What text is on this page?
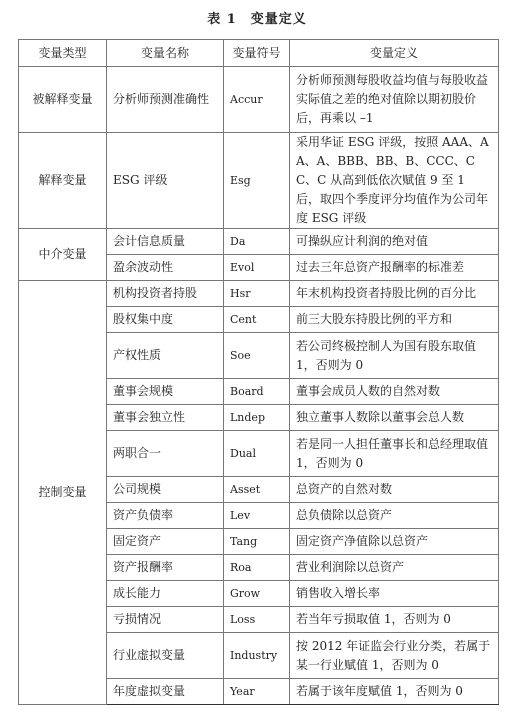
表 1　变量定义
变量类型	变量名称	变量符号	变量定义
被解释变量	分析师预测准确性	Accur	分析师预测每股收益均值与每股收益实际值之差的绝对值除以期初股价后，再乘以 –1
解释变量	ESG 评级	Esg	采用华证 ESG 评级，按照 AAA、AA、A、BBB、BB、B、CCC、CC、C 从高到低依次赋值 9 至 1 后，取四个季度评分均值作为公司年度 ESG 评级
中介变量	会计信息质量	Da	可操纵应计利润的绝对值
	盈余波动性	Evol	过去三年总资产报酬率的标准差
控制变量	机构投资者持股	Hsr	年末机构投资者持股比例的百分比
	股权集中度	Cent	前三大股东持股比例的平方和
	产权性质	Soe	若公司终极控制人为国有股东取值 1，否则为 0
	董事会规模	Board	董事会成员人数的自然对数
	董事会独立性	Lndep	独立董事人数除以董事会总人数
	两职合一	Dual	若是同一人担任董事长和总经理取值 1，否则为 0
	公司规模	Asset	总资产的自然对数
	资产负债率	Lev	总负债除以总资产
	固定资产	Tang	固定资产净值除以总资产
	资产报酬率	Roa	营业利润除以总资产
	成长能力	Grow	销售收入增长率
	亏损情况	Loss	若当年亏损取值 1，否则为 0
	行业虚拟变量	Industry	按 2012 年证监会行业分类，若属于某一行业赋值 1，否则为 0
	年度虚拟变量	Year	若属于该年度赋值 1，否则为 0
